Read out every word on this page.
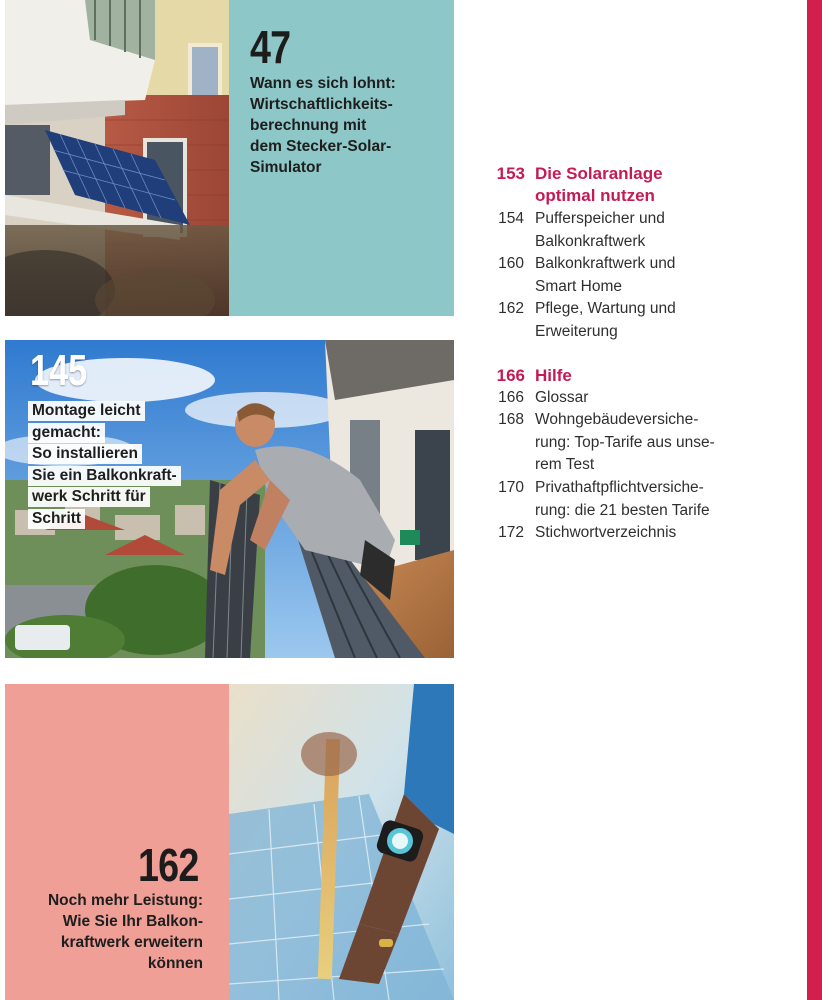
47
Wann es sich lohnt:
Wirtschaftlichkeits-
berechnung mit
dem Stecker-Solar-
Simulator
145
Montage leicht
gemacht:
So installieren
Sie ein Balkonkraft-
werk Schritt für
Schritt
162
Noch mehr Leistung:
Wie Sie Ihr Balkon-
kraftwerk erweitern
können
153 Die Solaranlage
optimal nutzen
154 Pufferspeicher und
Balkonkraftwerk
160 Balkonkraftwerk und
Smart Home
162 Pflege, Wartung und
Erweiterung
166 Hilfe
166 Glossar
168 Wohngebäudeversiche-
rung: Top-Tarife aus unse-
rem Test
170 Privathaftpflichtversiche-
rung: die 21 besten Tarife
172 Stichwortverzeichnis
